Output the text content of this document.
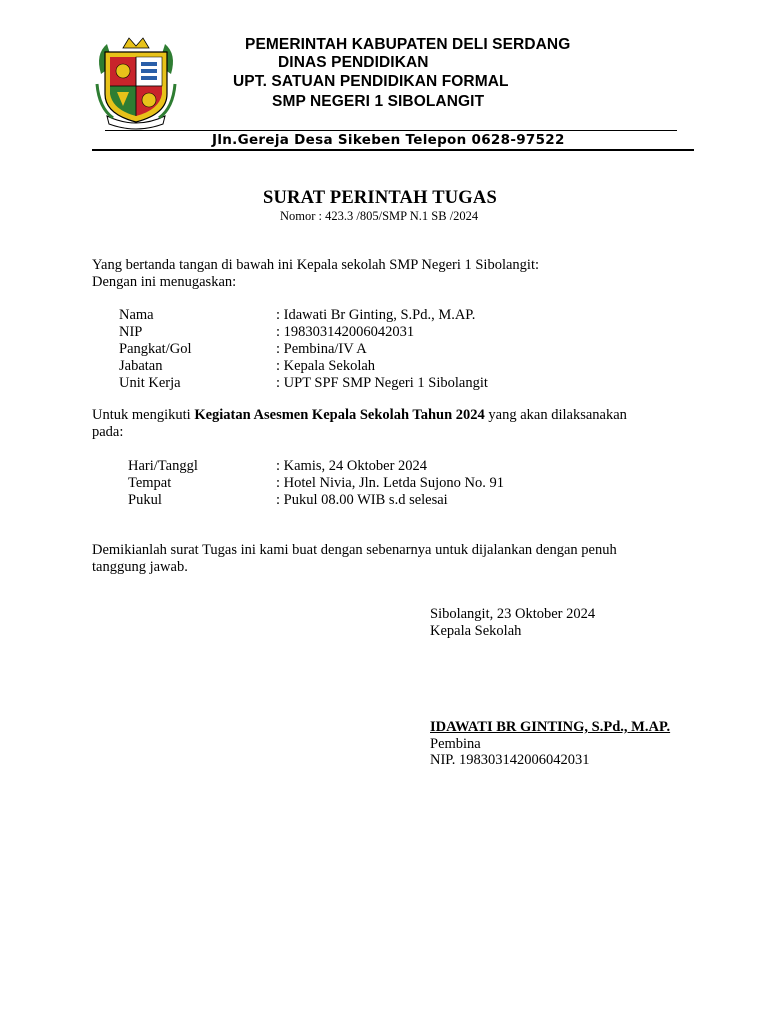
PEMERINTAH KABUPATEN DELI SERDANG
DINAS PENDIDIKAN
UPT. SATUAN PENDIDIKAN FORMAL
SMP NEGERI 1 SIBOLANGIT
Jln.Gereja Desa Sikeben Telepon 0628-97522
SURAT PERINTAH TUGAS
Nomor : 423.3 /805/SMP N.1 SB /2024
Yang bertanda tangan di bawah ini Kepala sekolah SMP Negeri 1 Sibolangit:
Dengan ini menugaskan:
Nama	: Idawati Br Ginting, S.Pd., M.AP.
NIP	: 198303142006042031
Pangkat/Gol	: Pembina/IV A
Jabatan	: Kepala Sekolah
Unit Kerja	: UPT SPF SMP Negeri 1 Sibolangit
Untuk mengikuti Kegiatan Asesmen Kepala Sekolah Tahun 2024 yang akan dilaksanakan
pada:
Hari/Tanggl	: Kamis, 24 Oktober 2024
Tempat	: Hotel Nivia, Jln. Letda Sujono No. 91
Pukul	: Pukul 08.00 WIB s.d selesai
Demikianlah surat Tugas ini kami buat dengan sebenarnya untuk dijalankan dengan penuh
tanggung jawab.
Sibolangit, 23 Oktober 2024
Kepala Sekolah
IDAWATI BR GINTING, S.Pd., M.AP.
Pembina
NIP. 198303142006042031
